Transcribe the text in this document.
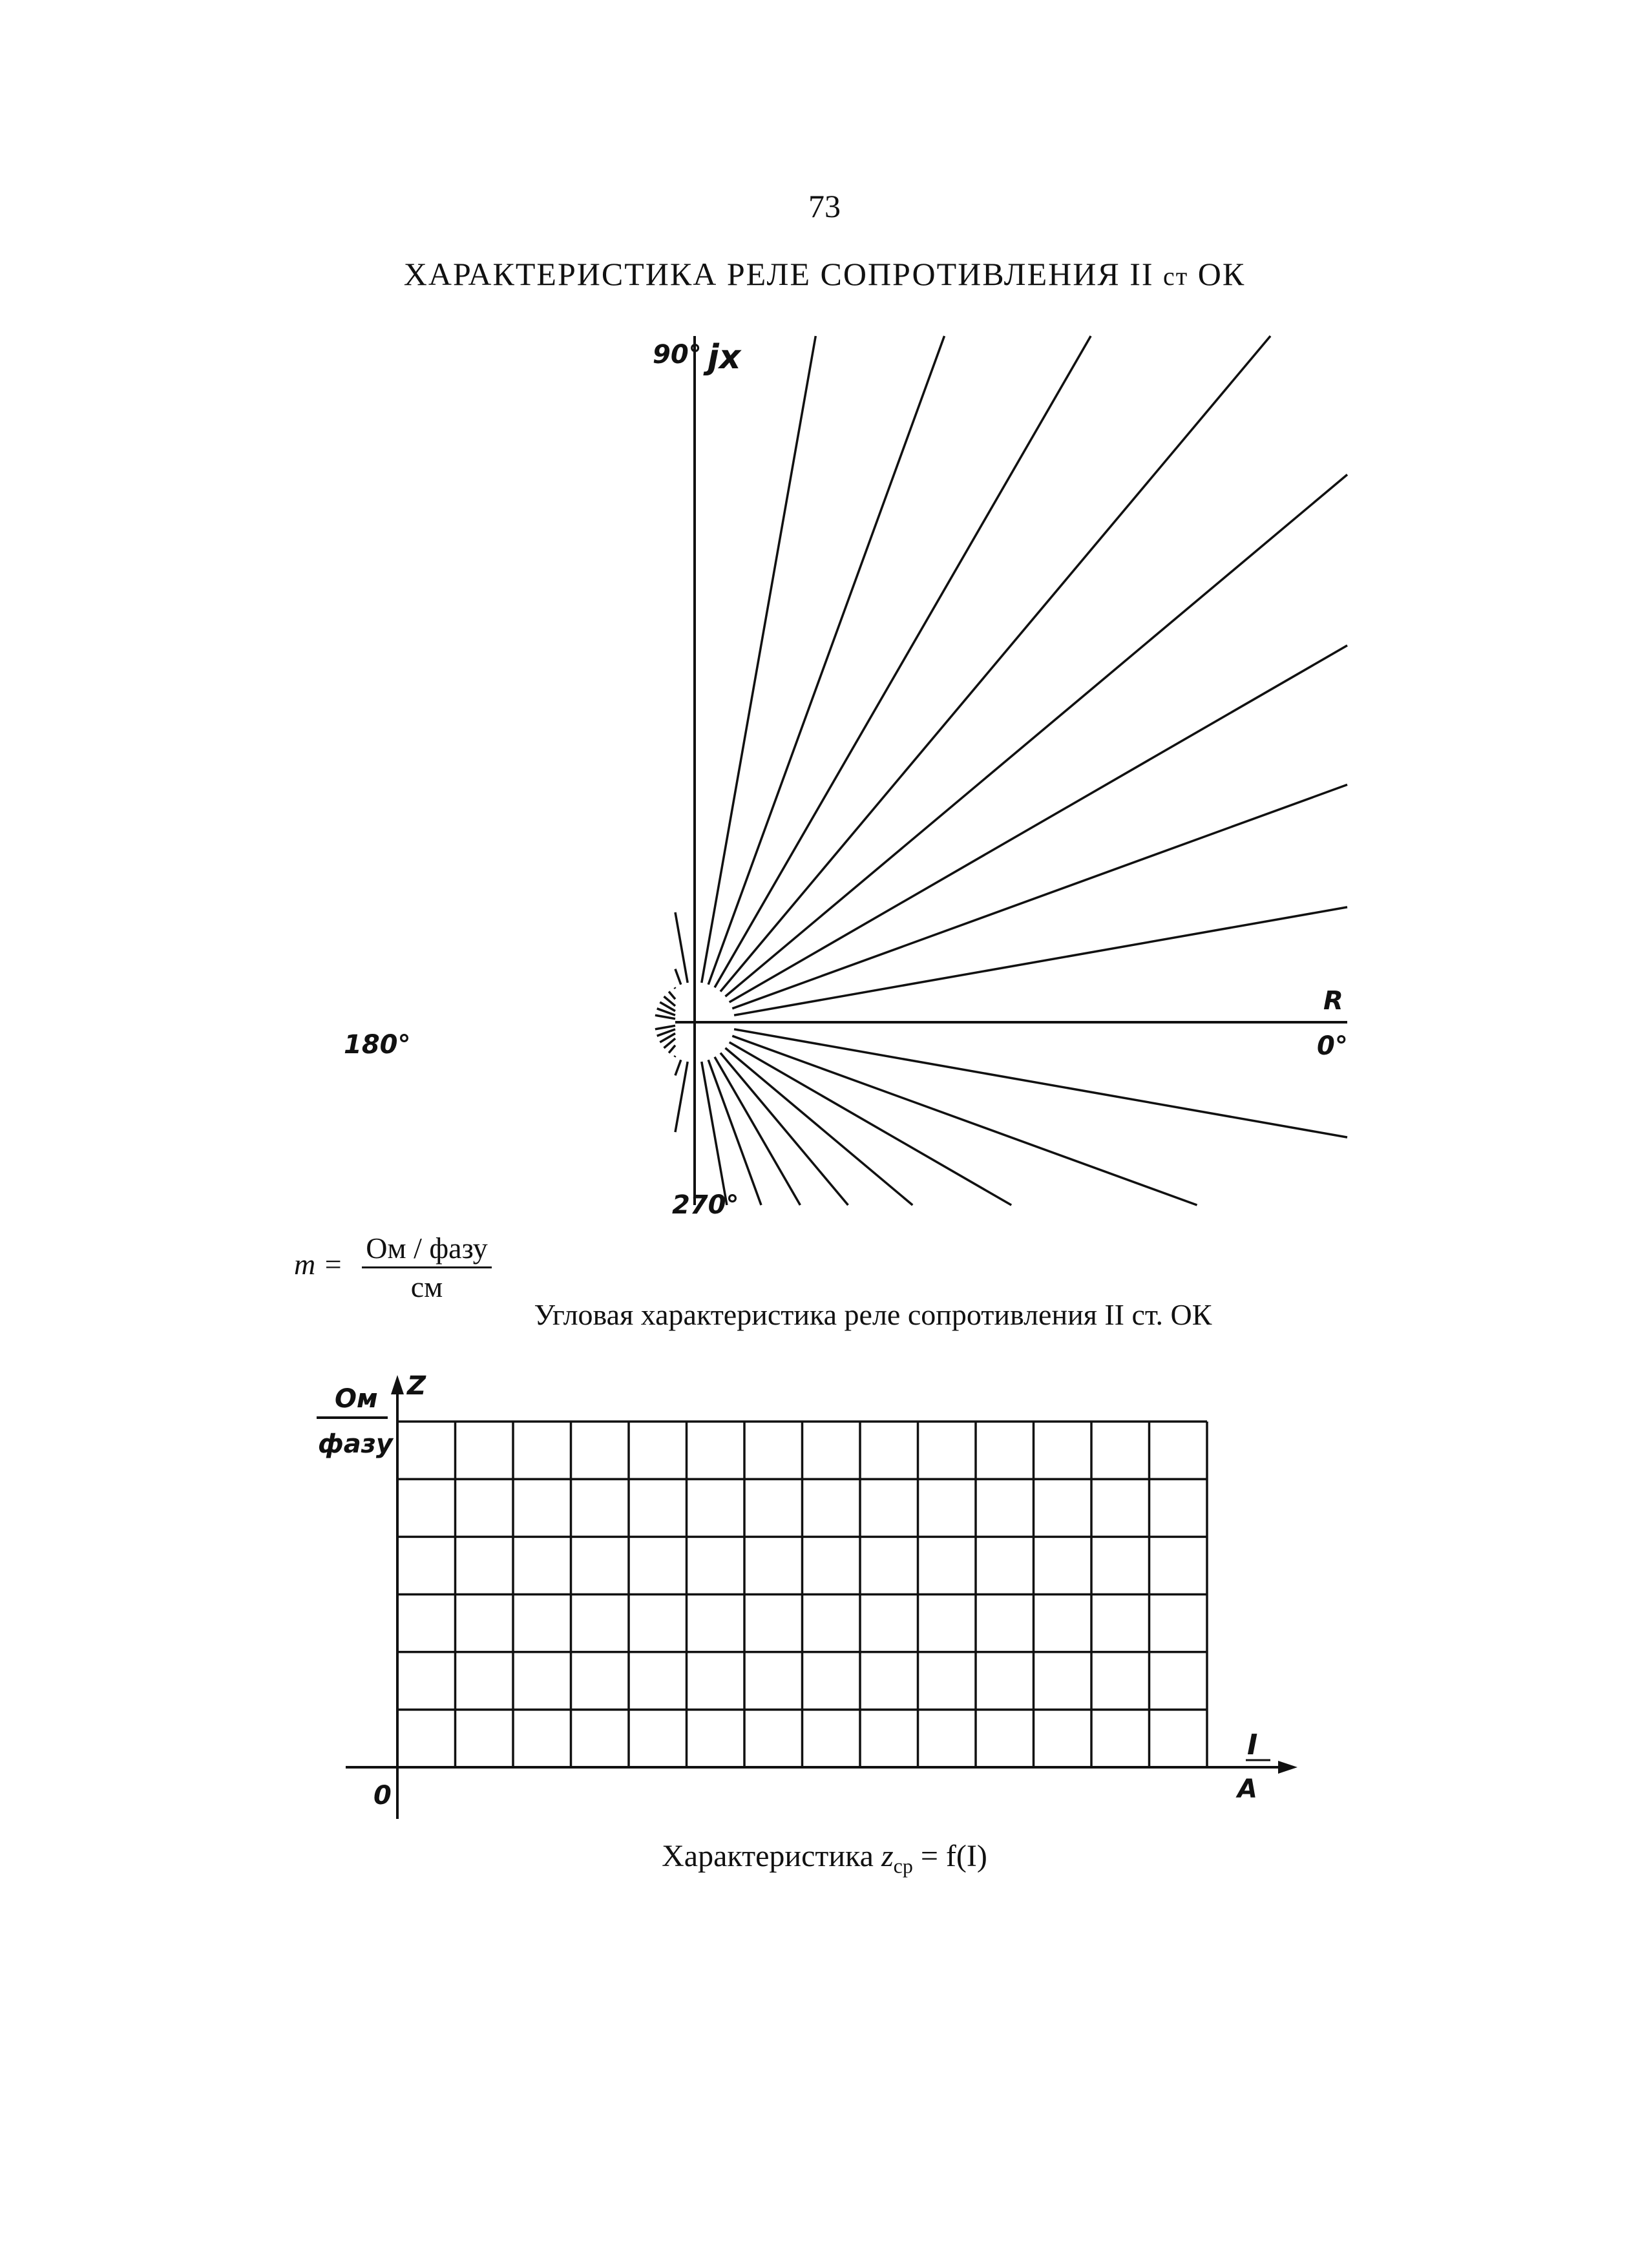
73
ХАРАКТЕРИСТИКА РЕЛЕ СОПРОТИВЛЕНИЯ II ст ОК
90° jx
R
0°
180°
270°
$m = \frac{\text{Ом / фазу}}{см}$
Угловая характеристика реле сопротивления II ст. ОК
Ом
фазу
Z
0
I
A
Характеристика $z_{ср} = f(I)$
